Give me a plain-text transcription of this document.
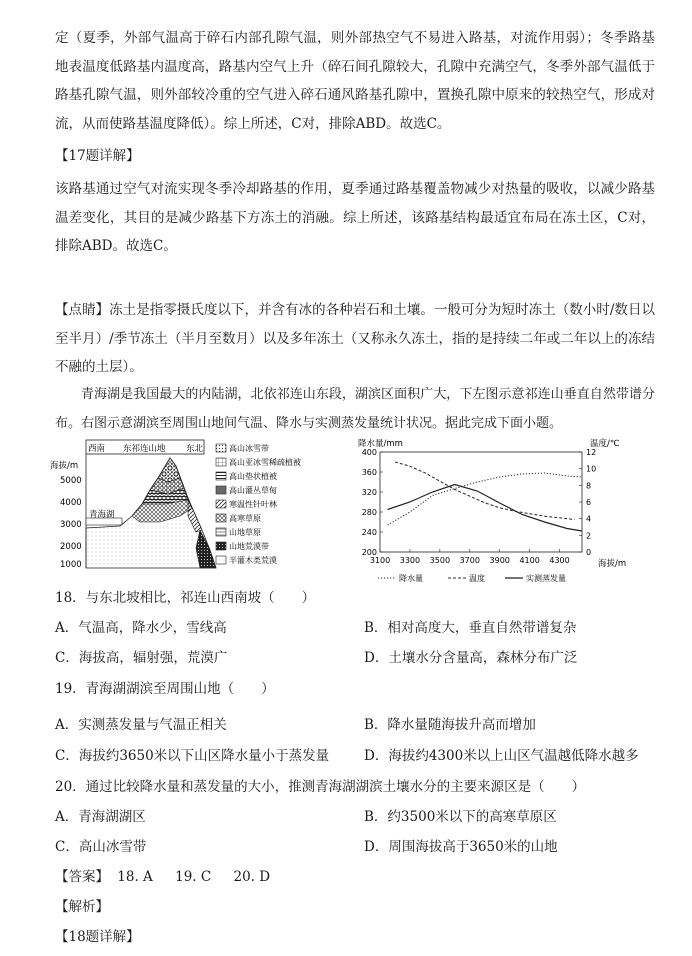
定（夏季，外部气温高于碎石内部孔隙气温，则外部热空气不易进入路基，对流作用弱）；冬季路基地表温度低路基内温度高，路基内空气上升（碎石间孔隙较大，孔隙中充满空气，冬季外部气温低于路基孔隙气温，则外部较冷重的空气进入碎石通风路基孔隙中，置换孔隙中原来的较热空气，形成对流，从而使路基温度降低）。综上所述，C对，排除ABD。故选C。

【17题详解】

该路基通过空气对流实现冬季冷却路基的作用，夏季通过路基覆盖物减少对热量的吸收，以减少路基温差变化，其目的是减少路基下方冻土的消融。综上所述，该路基结构最适宜布局在冻土区，C对，排除ABD。故选C。

【点睛】冻土是指零摄氏度以下，并含有冰的各种岩石和土壤。一般可分为短时冻土（数小时/数日以至半月）/季节冻土（半月至数月）以及多年冻土（又称永久冻土，指的是持续二年或二年以上的冻结不融的土层）。

青海湖是我国最大的内陆湖，北依祁连山东段，湖滨区面积广大，下左图示意祁连山垂直自然带谱分布。右图示意湖滨至周围山地间气温、降水与实测蒸发量统计状况。据此完成下面小题。

西南 东祁连山地 东北
海拔/m
5000
4000
3000
2000
1000
青海湖
高山冰雪带
高山亚冰雪稀疏植被
高山垫状植被
高山灌丛草甸
寒温性针叶林
高寒草原
山地草原
山地荒漠带
半灌木类荒漠
降水量/mm	温度/℃
海拔/m
200
240
280
320
360
400
0
2
4
6
8
10
12
3100 3300 3500 3700 3900 4100 4300
降水量	温度	实测蒸发量
18．与东北坡相比，祁连山西南坡（　　）
A．气温高，降水少，雪线高	B．相对高度大，垂直自然带谱复杂
C．海拔高，辐射强，荒漠广	D．土壤水分含量高，森林分布广泛
19．青海湖湖滨至周围山地（　　）
A．实测蒸发量与气温正相关	B．降水量随海拔升高而增加
C．海拔约3650米以下山区降水量小于蒸发量	D．海拔约4300米以上山区气温越低降水越多
20．通过比较降水量和蒸发量的大小，推测青海湖湖滨土壤水分的主要来源区是（　　）
A．青海湖湖区	B．约3500米以下的高寒草原区
C．高山冰雪带	D．周围海拔高于3650米的山地
【答案】 18. A 19. C 20. D
【解析】
【18题详解】
